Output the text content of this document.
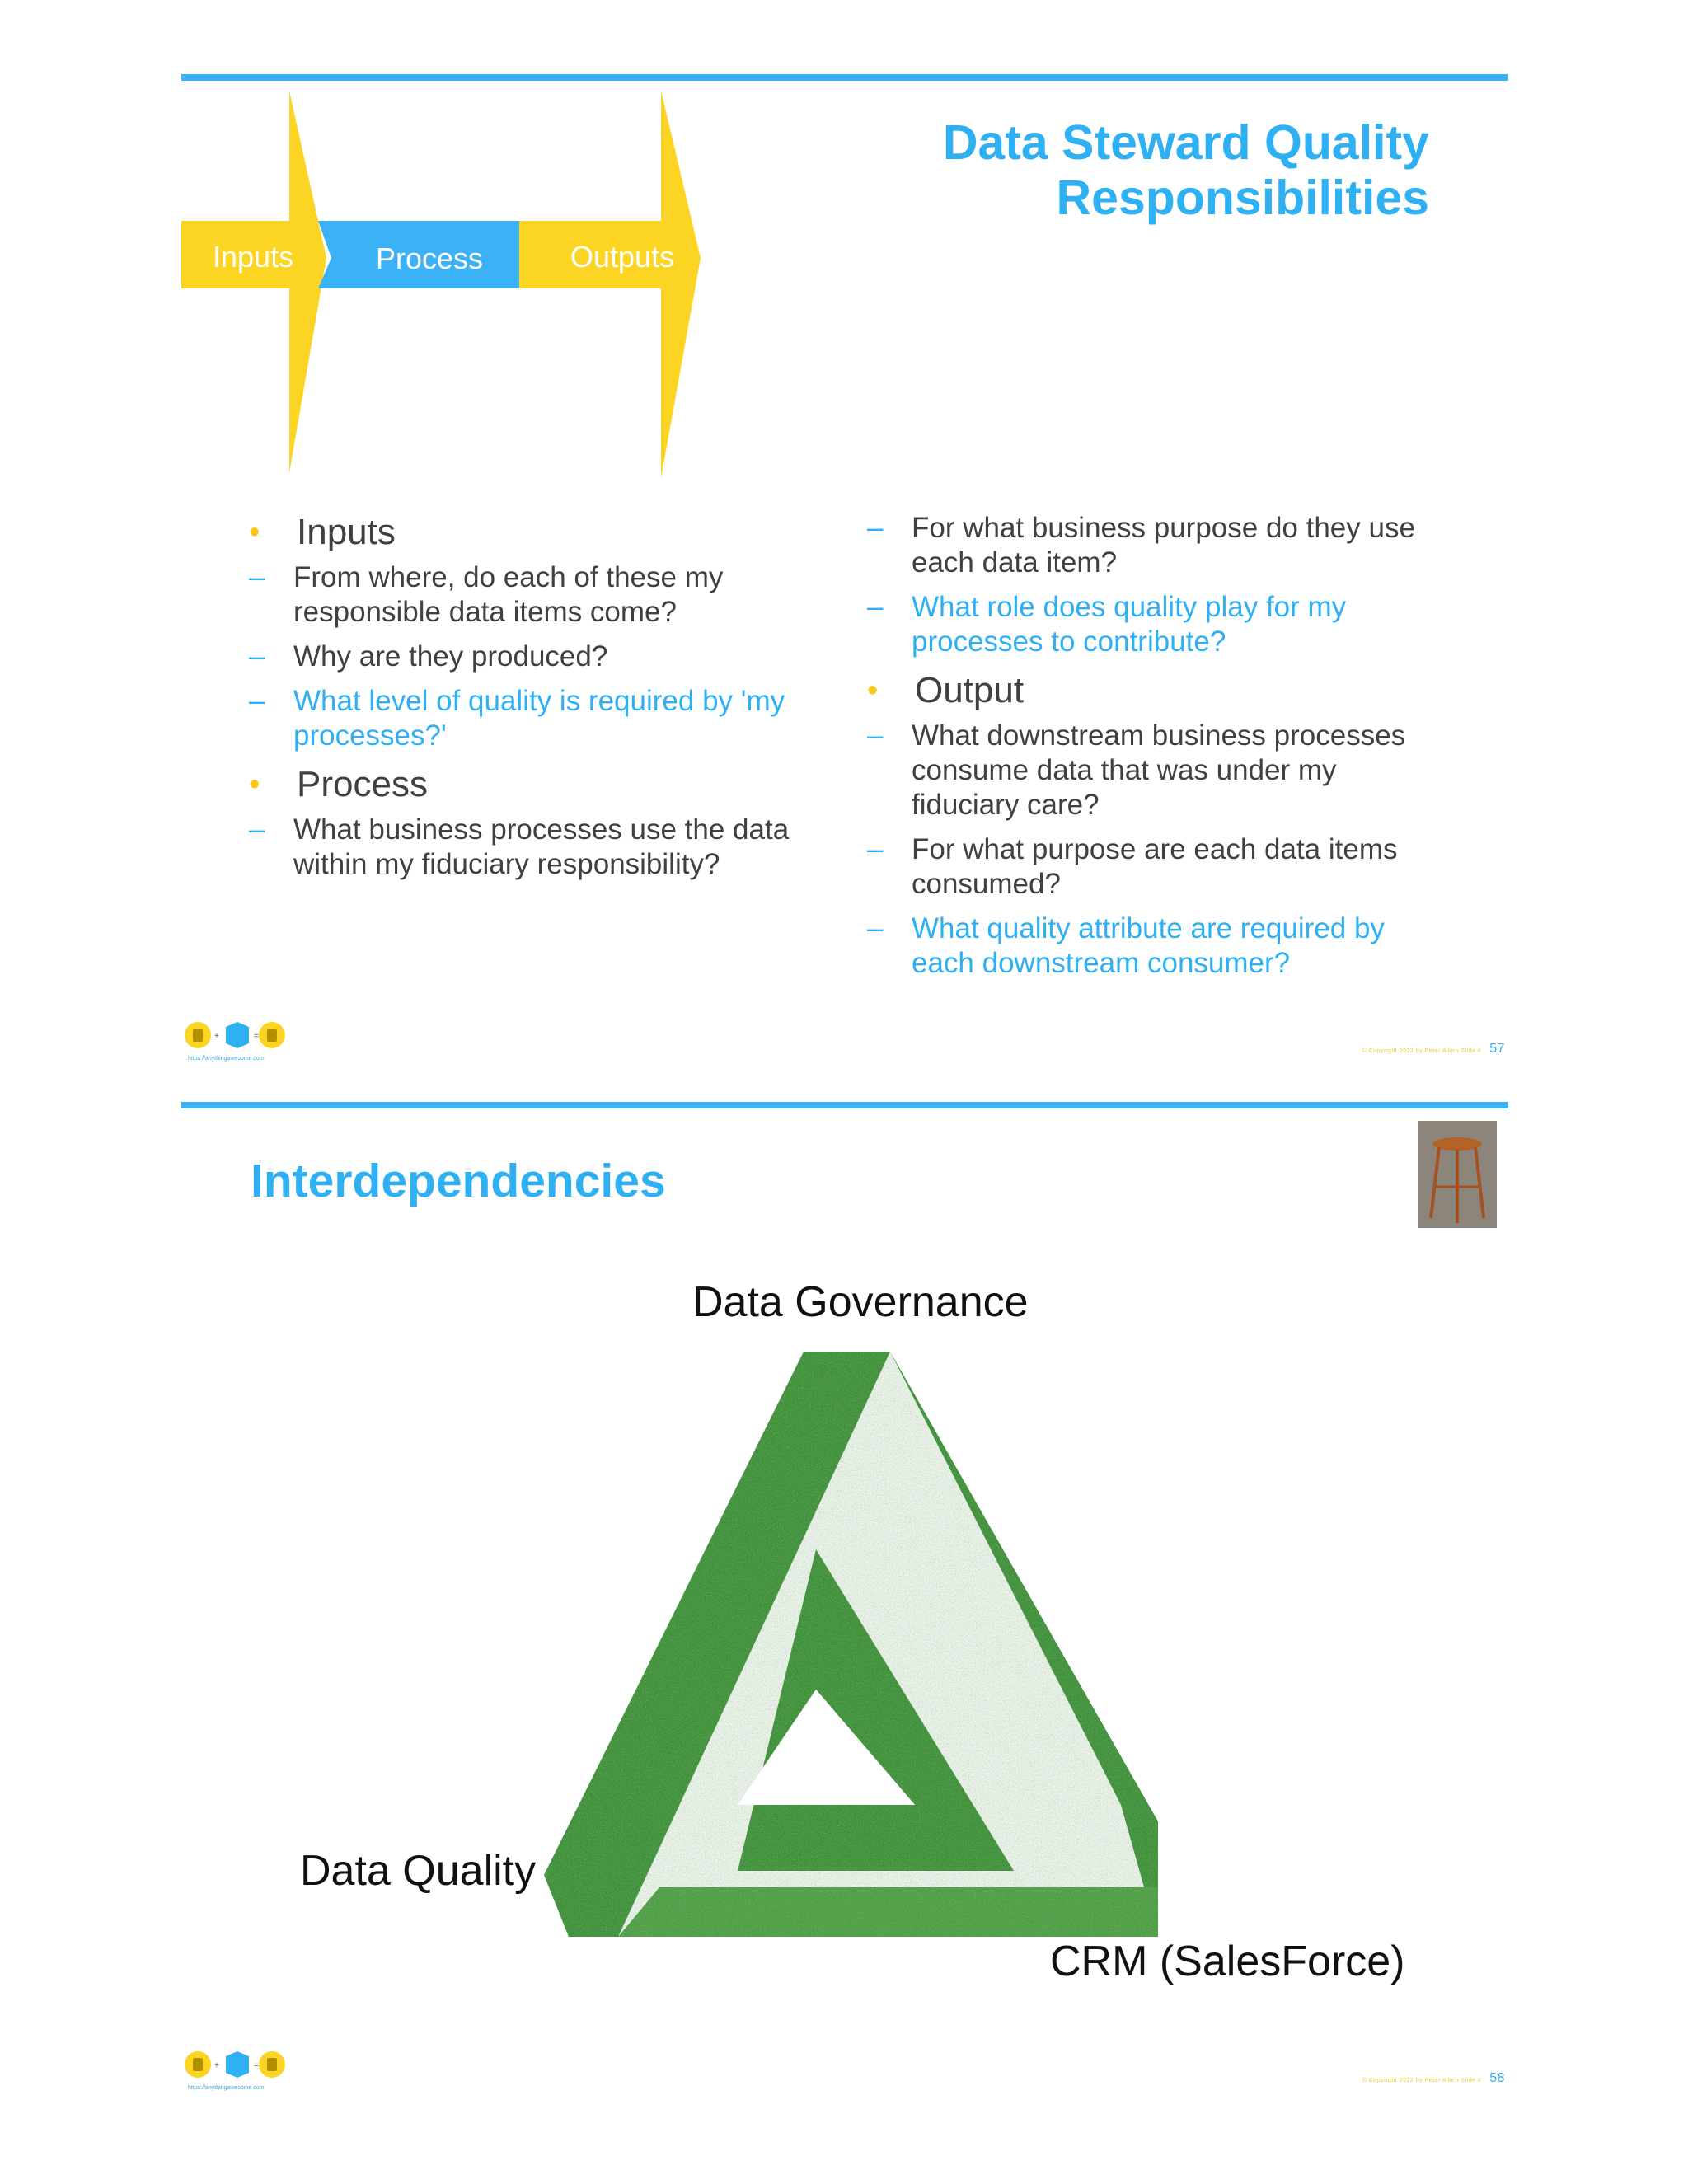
Data Steward Quality
Responsibilities
Inputs	Process	Outputs
• Inputs
– From where, do each of these my responsible data items come?
– Why are they produced?
– What level of quality is required by 'my processes?'
• Process
– What business processes use the data within my fiduciary responsibility?
– For what business purpose do they use each data item?
– What role does quality play for my processes to contribute?
• Output
– What downstream business processes consume data that was under my fiduciary care?
– For what purpose are each data items consumed?
– What quality attribute are required by each downstream consumer?
+	=
https://anythingawesome.com
© Copyright 2022 by Peter Aiken Slide # 57
Interdependencies
Data Governance
Data Quality
CRM (SalesForce)
+	=
https://anythingawesome.com
© Copyright 2022 by Peter Aiken Slide # 58
